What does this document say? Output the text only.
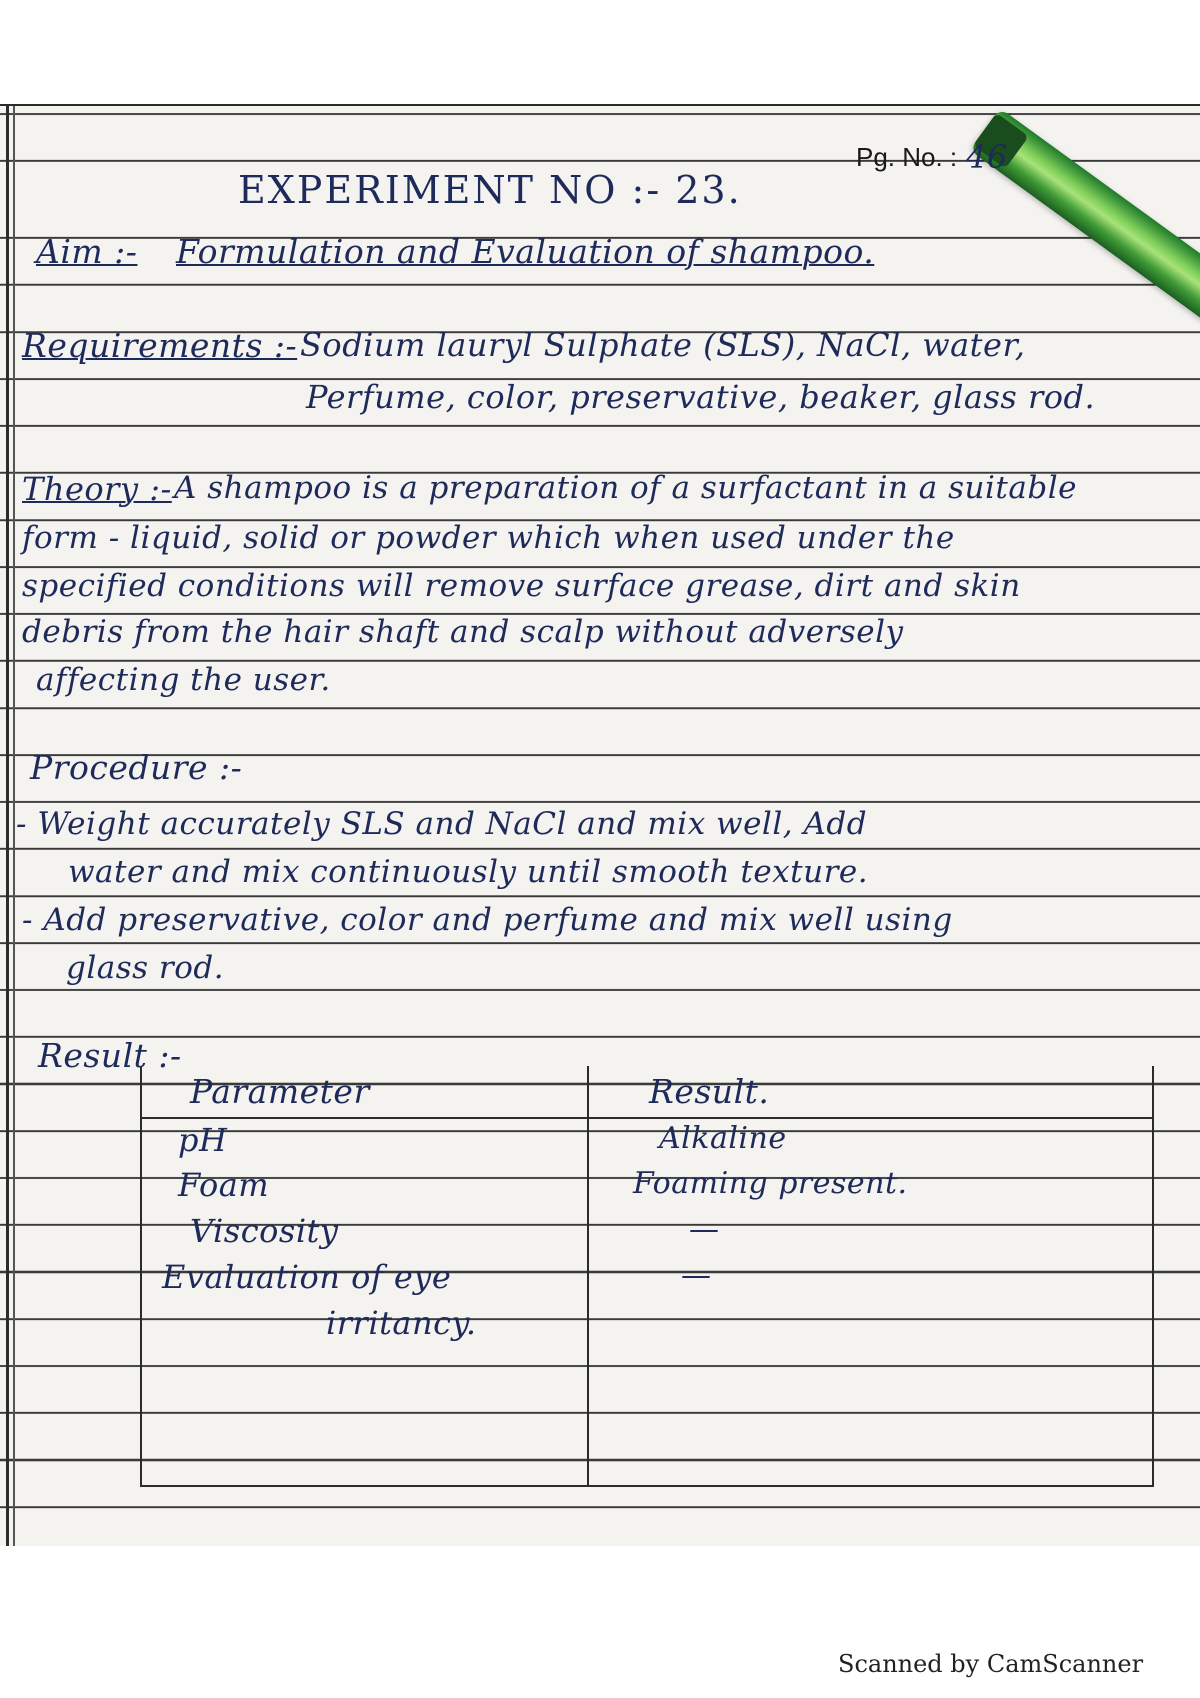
Pg. No. : 46
EXPERIMENT NO :- 23.
Aim :- Formulation and Evaluation of shampoo.
Requirements :- Sodium lauryl Sulphate (SLS), NaCl, water,
Perfume, color, preservative, beaker, glass rod.
Theory :- A shampoo is a preparation of a surfactant in a suitable
form - liquid, solid or powder which when used under the
specified conditions will remove surface grease, dirt and skin
debris from the hair shaft and scalp without adversely
affecting the user.
Procedure :-
- Weight accurately SLS and NaCl and mix well, Add
water and mix continuously until smooth texture.
- Add preservative, color and perfume and mix well using
glass rod.
Result :-
Parameter	Result.
pH	Alkaline
Foam	Foaming present.
Viscosity	—
Evaluation of eye	—
irritancy.	

Scanned by CamScanner
